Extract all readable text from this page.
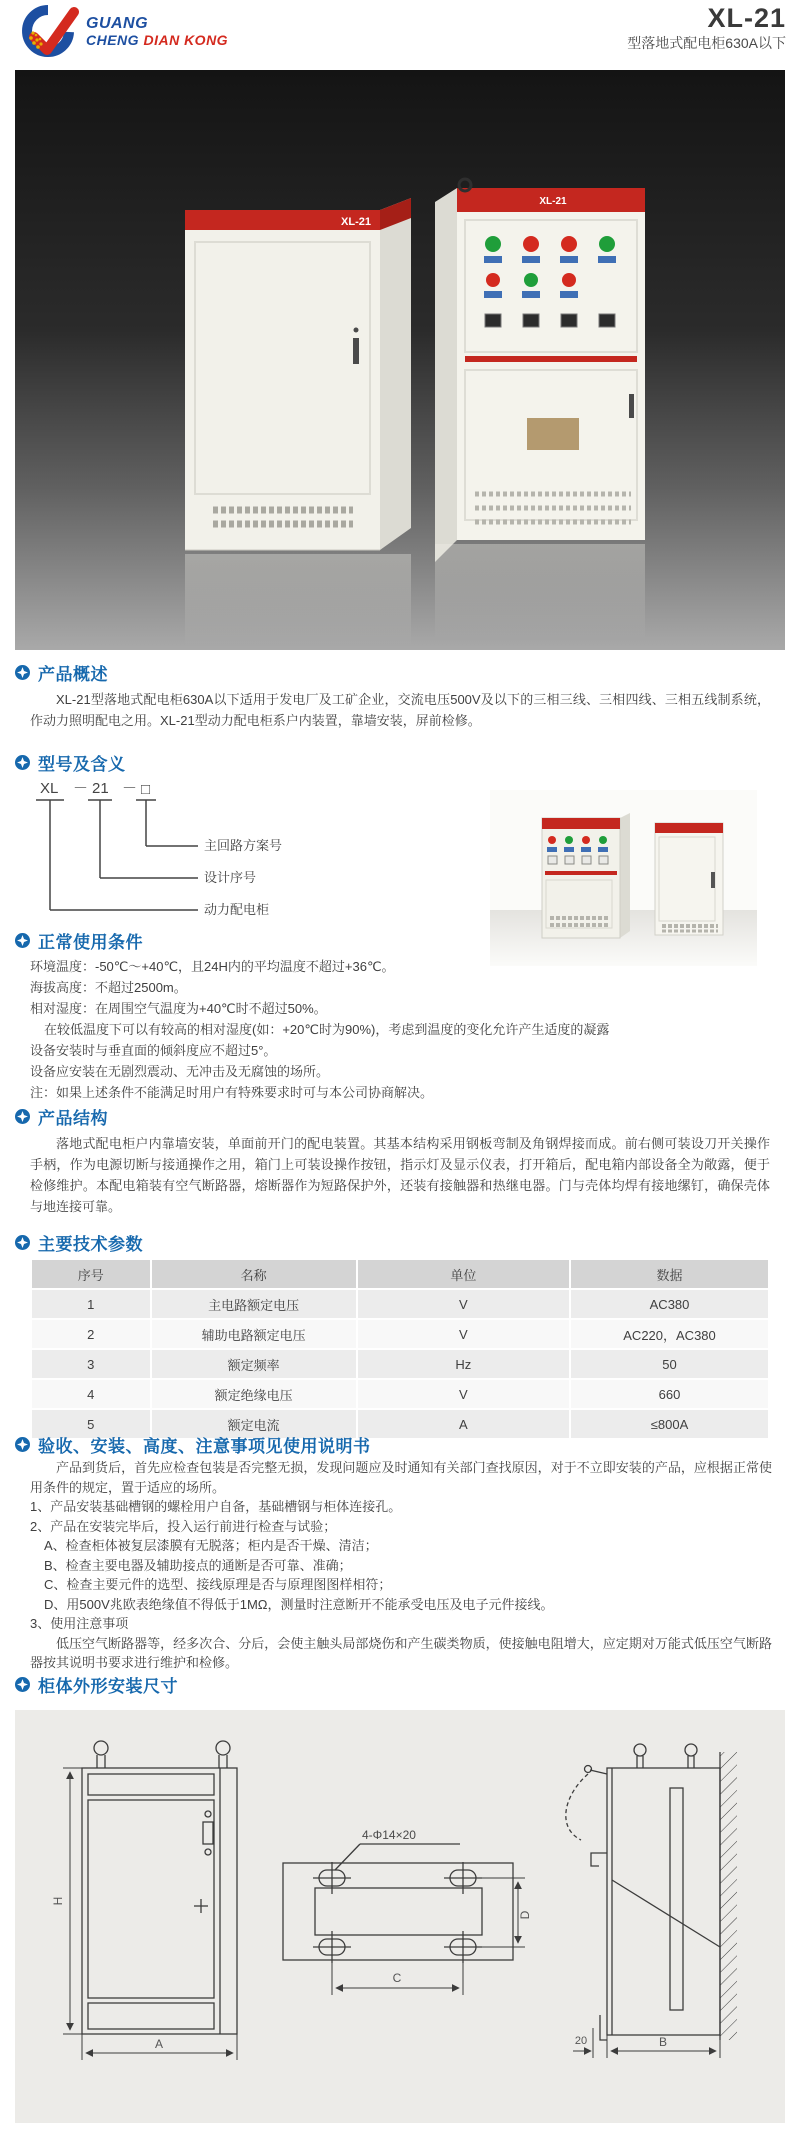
GUANG
CHENG DIAN KONG
XL-21
型落地式配电柜630A以下
XL-21
XL-21
产品概述

XL-21型落地式配电柜630A以下适用于发电厂及工矿企业，交流电压500V及以下的三相三线、三相四线、三相五线制系统，作动力照明配电之用。XL-21型动力配电柜系户内装置，靠墙安装，屏前检修。

型号及含义
XL － 21 － □
主回路方案号
设计序号
动力配电柜
正常使用条件
环境温度：-50℃～+40℃，且24H内的平均温度不超过+36℃。
海拔高度：不超过2500m。
相对湿度：在周围空气温度为+40℃时不超过50%。
在较低温度下可以有较高的相对湿度(如：+20℃时为90%)，考虑到温度的变化允许产生适度的凝露
设备安装时与垂直面的倾斜度应不超过5°。
设备应安装在无剧烈震动、无冲击及无腐蚀的场所。
注：如果上述条件不能满足时用户有特殊要求时可与本公司协商解决。
产品结构

落地式配电柜户内靠墙安装，单面前开门的配电装置。其基本结构采用钢板弯制及角钢焊接而成。前右侧可装设刀开关操作手柄，作为电源切断与接通操作之用，箱门上可装设操作按钮，指示灯及显示仪表，打开箱后，配电箱内部设备全为敞露，便于检修维护。本配电箱装有空气断路器，熔断器作为短路保护外，还装有接触器和热继电器。门与壳体均焊有接地缧钉，确保壳体与地连接可靠。

主要技术参数
序号	名称	单位	数据
1	主电路额定电压	V	AC380
2	辅助电路额定电压	V	AC220，AC380
3	额定频率	Hz	50
4	额定绝缘电压	V	660
5	额定电流	A	≤800A
验收、安装、高度、注意事项见使用说明书

产品到货后，首先应检查包装是否完整无损，发现问题应及时通知有关部门查找原因，对于不立即安装的产品，应根据正常使用条件的规定，置于适应的场所。

1、产品安装基础槽钢的螺栓用户自备，基础槽钢与柜体连接孔。

2、产品在安装完毕后，投入运行前进行检查与试验；

A、检查柜体被复层漆膜有无脱落；柜内是否干燥、清洁；

B、检查主要电器及辅助接点的通断是否可靠、准确；

C、检查主要元件的选型、接线原理是否与原理图图样相符；

D、用500V兆欧表绝缘值不得低于1MΩ，测量时注意断开不能承受电压及电子元件接线。

3、使用注意事项

低压空气断路器等，经多次合、分后，会使主触头局部烧伤和产生碳类物质，使接触电阻增大，应定期对万能式低压空气断路器按其说明书要求进行维护和检修。

柜体外形安装尺寸
H
A
4-Φ14×20
C
D
B
20
